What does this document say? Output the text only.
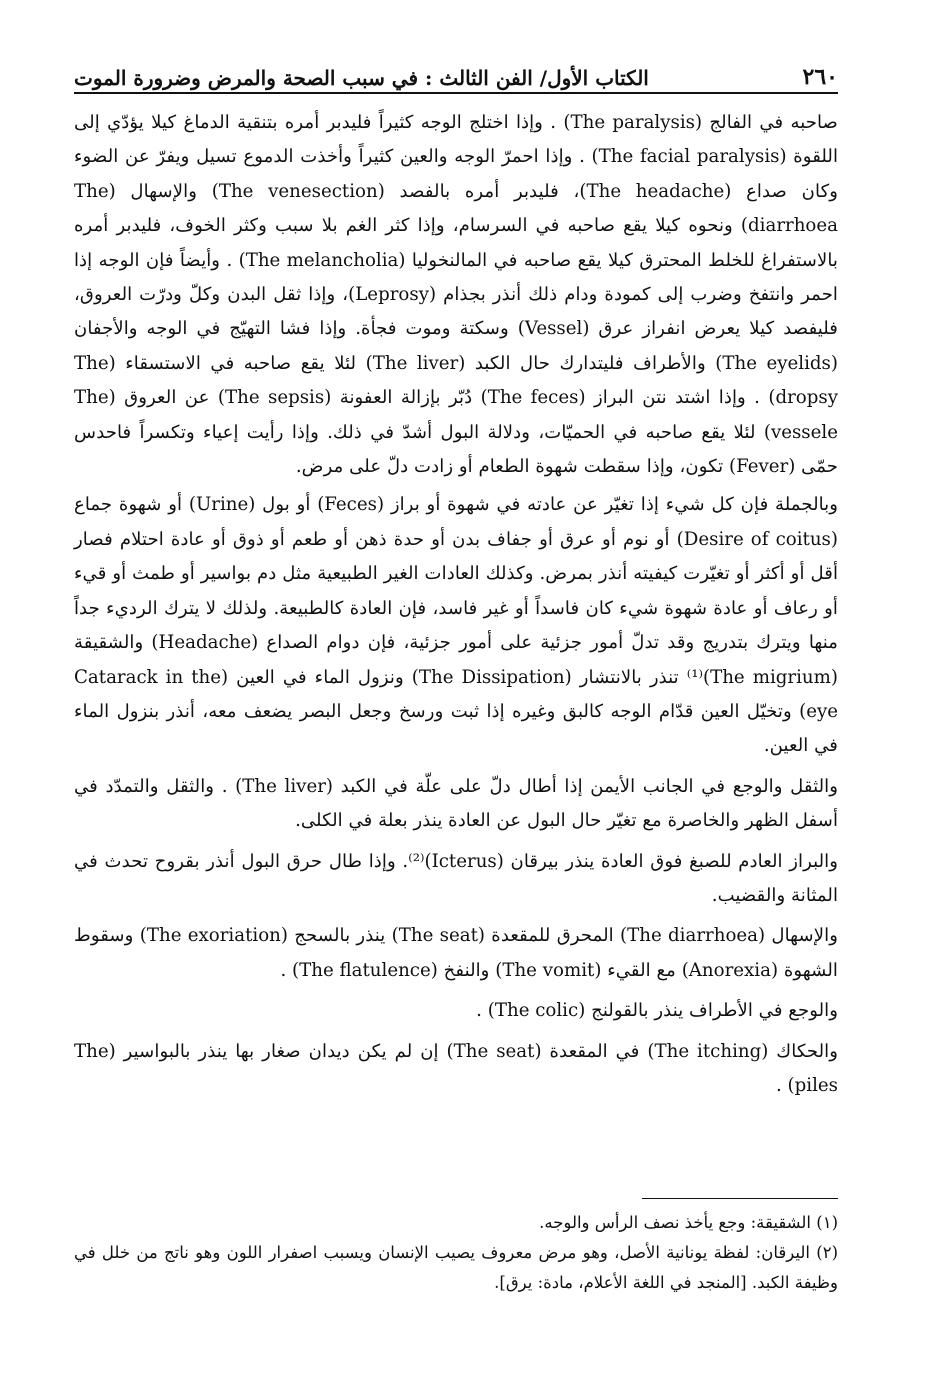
٢٦٠
الكتاب الأول/ الفن الثالث : في سبب الصحة والمرض وضرورة الموت

صاحبه في الفالج (The paralysis) . وإذا اختلج الوجه كثيراً فليدبر أمره بتنقية الدماغ كيلا يؤدّي إلى اللقوة (The facial paralysis) . وإذا احمرّ الوجه والعين كثيراً وأخذت الدموع تسيل ويفرّ عن الضوء وكان صداع (The headache)، فليدبر أمره بالفصد (The venesection) والإسهال (The diarrhoea) ونحوه كيلا يقع صاحبه في السرسام، وإذا كثر الغم بلا سبب وكثر الخوف، فليدبر أمره بالاستفراغ للخلط المحترق كيلا يقع صاحبه في المالنخوليا (The melancholia) . وأيضاً فإن الوجه إذا احمر وانتفخ وضرب إلى كمودة ودام ذلك أنذر بجذام (Leprosy)، وإذا ثقل البدن وكلّ ودرّت العروق، فليفصد كيلا يعرض انفراز عرق (Vessel) وسكتة وموت فجأة. وإذا فشا التهيّج في الوجه والأجفان (The eyelids) والأطراف فليتدارك حال الكبد (The liver) لئلا يقع صاحبه في الاستسقاء (The dropsy) . وإذا اشتد نتن البراز (The feces) دُبّر بإزالة العفونة (The sepsis) عن العروق (The vessele) لئلا يقع صاحبه في الحميّات، ودلالة البول أشدّ في ذلك. وإذا رأيت إعياء وتكسراً فاحدس حمّى (Fever) تكون، وإذا سقطت شهوة الطعام أو زادت دلّ على مرض.

وبالجملة فإن كل شيء إذا تغيّر عن عادته في شهوة أو براز (Feces) أو بول (Urine) أو شهوة جماع (Desire of coitus) أو نوم أو عرق أو جفاف بدن أو حدة ذهن أو طعم أو ذوق أو عادة احتلام فصار أقل أو أكثر أو تغيّرت كيفيته أنذر بمرض. وكذلك العادات الغير الطبيعية مثل دم بواسير أو طمث أو قيء أو رعاف أو عادة شهوة شيء كان فاسداً أو غير فاسد، فإن العادة كالطبيعة. ولذلك لا يترك الرديء جداً منها ويترك بتدريج وقد تدلّ أمور جزئية على أمور جزئية، فإن دوام الصداع (Headache) والشقيقة (The migrium)⁽¹⁾ تنذر بالانتشار (The Dissipation) ونزول الماء في العين (Catarack in the eye) وتخيّل العين قدّام الوجه كالبق وغيره إذا ثبت ورسخ وجعل البصر يضعف معه، أنذر بنزول الماء في العين.

والثقل والوجع في الجانب الأيمن إذا أطال دلّ على علّة في الكبد (The liver) . والثقل والتمدّد في أسفل الظهر والخاصرة مع تغيّر حال البول عن العادة ينذر بعلة في الكلى.

والبراز العادم للصبغ فوق العادة ينذر بيرقان (Icterus)⁽²⁾. وإذا طال حرق البول أنذر بقروح تحدث في المثانة والقضيب.

والإسهال (The diarrhoea) المحرق للمقعدة (The seat) ينذر بالسحج (The exoriation) وسقوط الشهوة (Anorexia) مع القيء (The vomit) والنفخ (The flatulence) .

والوجع في الأطراف ينذر بالقولنج (The colic) .

والحكاك (The itching) في المقعدة (The seat) إن لم يكن ديدان صغار بها ينذر بالبواسير (The piles) .

(١) الشقيقة: وجع يأخذ نصف الرأس والوجه.

(٢) اليرقان: لفظة يونانية الأصل، وهو مرض معروف يصيب الإنسان ويسبب اصفرار اللون وهو ناتج من خلل في وظيفة الكبد. [المنجد في اللغة الأعلام، مادة: يرق].
